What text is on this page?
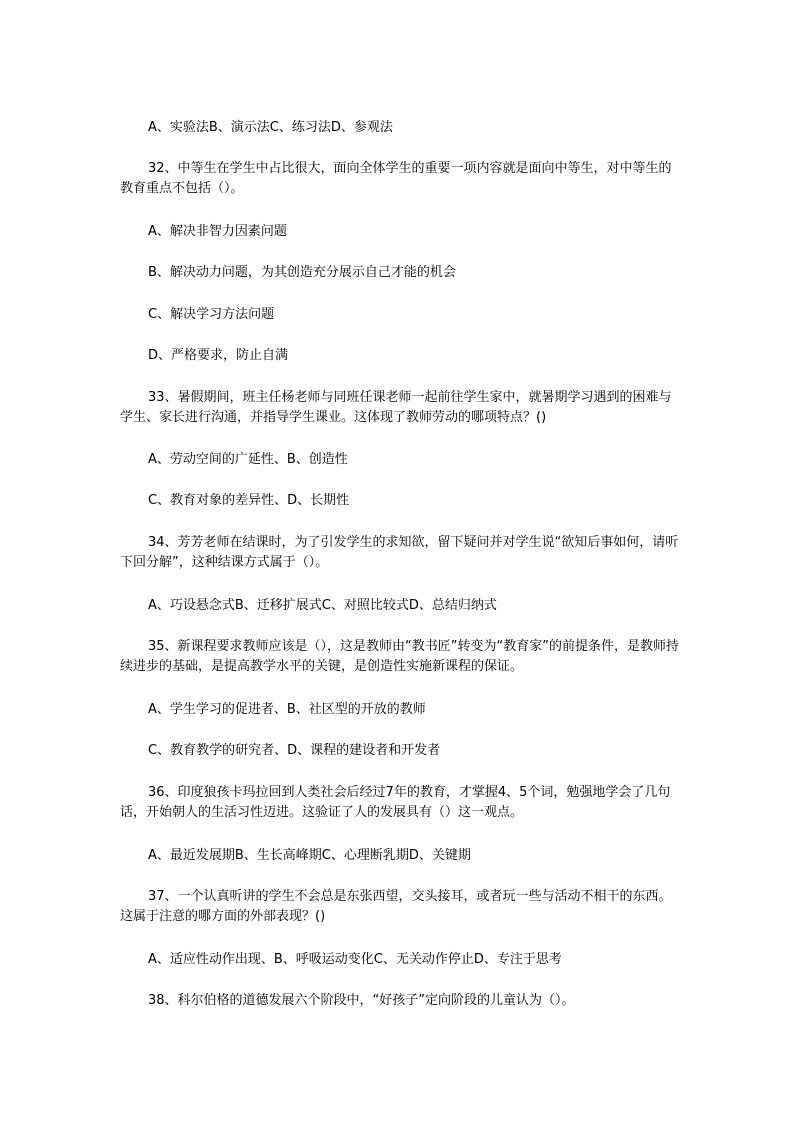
A、实验法B、演示法C、练习法D、参观法

32、中等生在学生中占比很大，面向全体学生的重要一项内容就是面向中等生，对中等生的教育重点不包括（）。

A、解决非智力因素问题

B、解决动力问题，为其创造充分展示自己才能的机会

C、解决学习方法问题

D、严格要求，防止自满

33、暑假期间，班主任杨老师与同班任课老师一起前往学生家中，就暑期学习遇到的困难与学生、家长进行沟通，并指导学生课业。这体现了教师劳动的哪项特点？()

A、劳动空间的广延性、B、创造性

C、教育对象的差异性、D、长期性

34、芳芳老师在结课时，为了引发学生的求知欲，留下疑问并对学生说“欲知后事如何，请听下回分解”，这种结课方式属于（）。

A、巧设悬念式B、迁移扩展式C、对照比较式D、总结归纳式

35、新课程要求教师应该是（），这是教师由“教书匠”转变为“教育家”的前提条件，是教师持续进步的基础，是提高教学水平的关键，是创造性实施新课程的保证。

A、学生学习的促进者、B、社区型的开放的教师

C、教育教学的研究者、D、课程的建设者和开发者

36、印度狼孩卡玛拉回到人类社会后经过7年的教育，才掌握4、5个词，勉强地学会了几句话，开始朝人的生活习性迈进。这验证了人的发展具有（）这一观点。

A、最近发展期B、生长高峰期C、心理断乳期D、关键期

37、一个认真听讲的学生不会总是东张西望，交头接耳，或者玩一些与活动不相干的东西。这属于注意的哪方面的外部表现？()

A、适应性动作出现、B、呼吸运动变化C、无关动作停止D、专注于思考

38、科尔伯格的道德发展六个阶段中，“好孩子”定向阶段的儿童认为（）。
